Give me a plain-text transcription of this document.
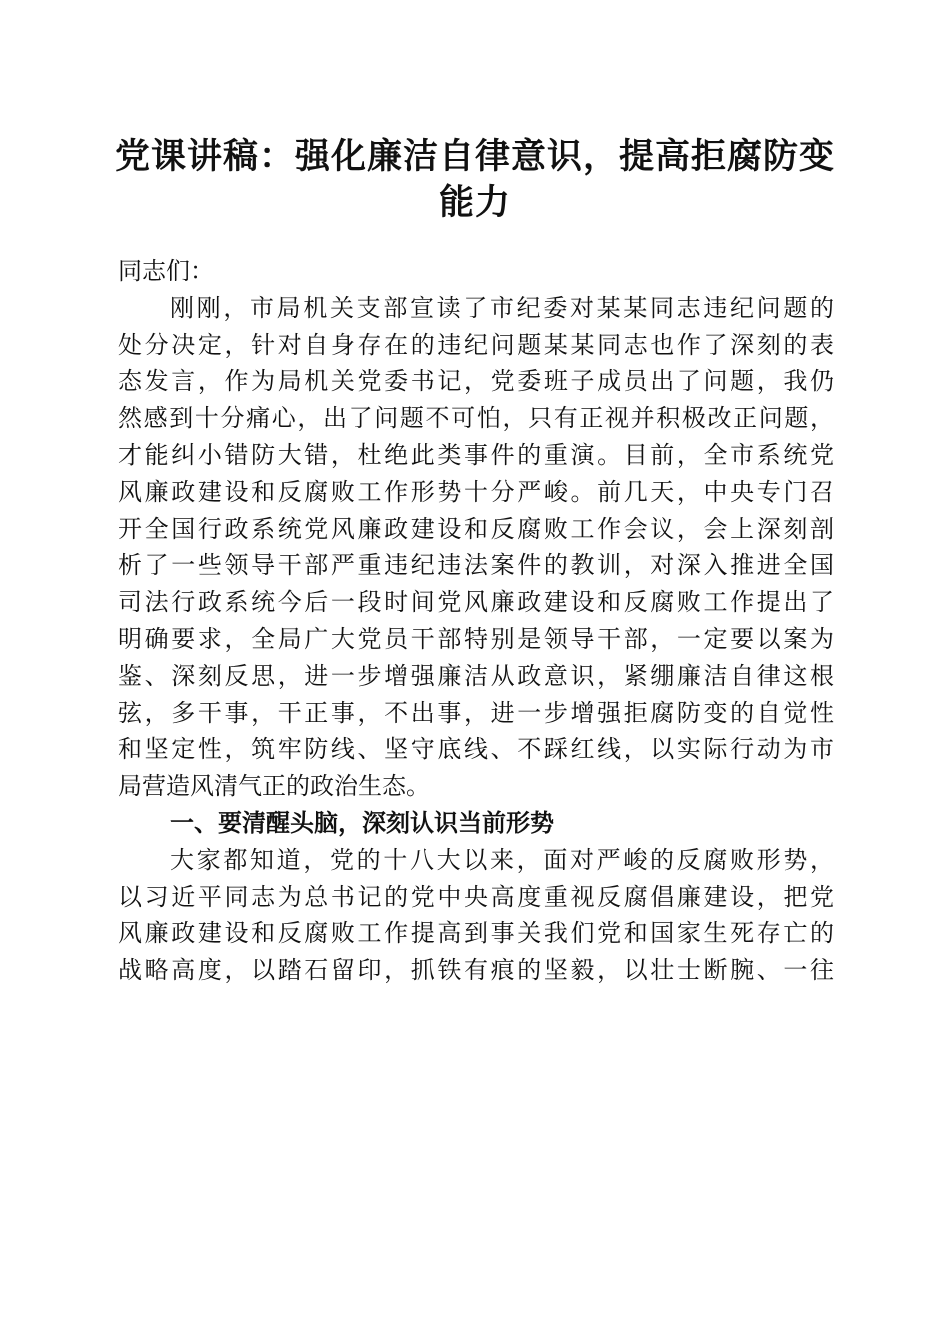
党课讲稿：强化廉洁自律意识，提高拒腐防变
能力
同志们：
刚刚，市局机关支部宣读了市纪委对某某同志违纪问题的
处分决定，针对自身存在的违纪问题某某同志也作了深刻的表
态发言，作为局机关党委书记，党委班子成员出了问题，我仍
然感到十分痛心，出了问题不可怕，只有正视并积极改正问题，
才能纠小错防大错，杜绝此类事件的重演。目前，全市系统党
风廉政建设和反腐败工作形势十分严峻。前几天，中央专门召
开全国行政系统党风廉政建设和反腐败工作会议，会上深刻剖
析了一些领导干部严重违纪违法案件的教训，对深入推进全国
司法行政系统今后一段时间党风廉政建设和反腐败工作提出了
明确要求，全局广大党员干部特别是领导干部，一定要以案为
鉴、深刻反思，进一步增强廉洁从政意识，紧绷廉洁自律这根
弦，多干事，干正事，不出事，进一步增强拒腐防变的自觉性
和坚定性，筑牢防线、坚守底线、不踩红线，以实际行动为市
局营造风清气正的政治生态。
一、要清醒头脑，深刻认识当前形势
大家都知道，党的十八大以来，面对严峻的反腐败形势，
以习近平同志为总书记的党中央高度重视反腐倡廉建设，把党
风廉政建设和反腐败工作提高到事关我们党和国家生死存亡的
战略高度，以踏石留印，抓铁有痕的坚毅，以壮士断腕、一往
